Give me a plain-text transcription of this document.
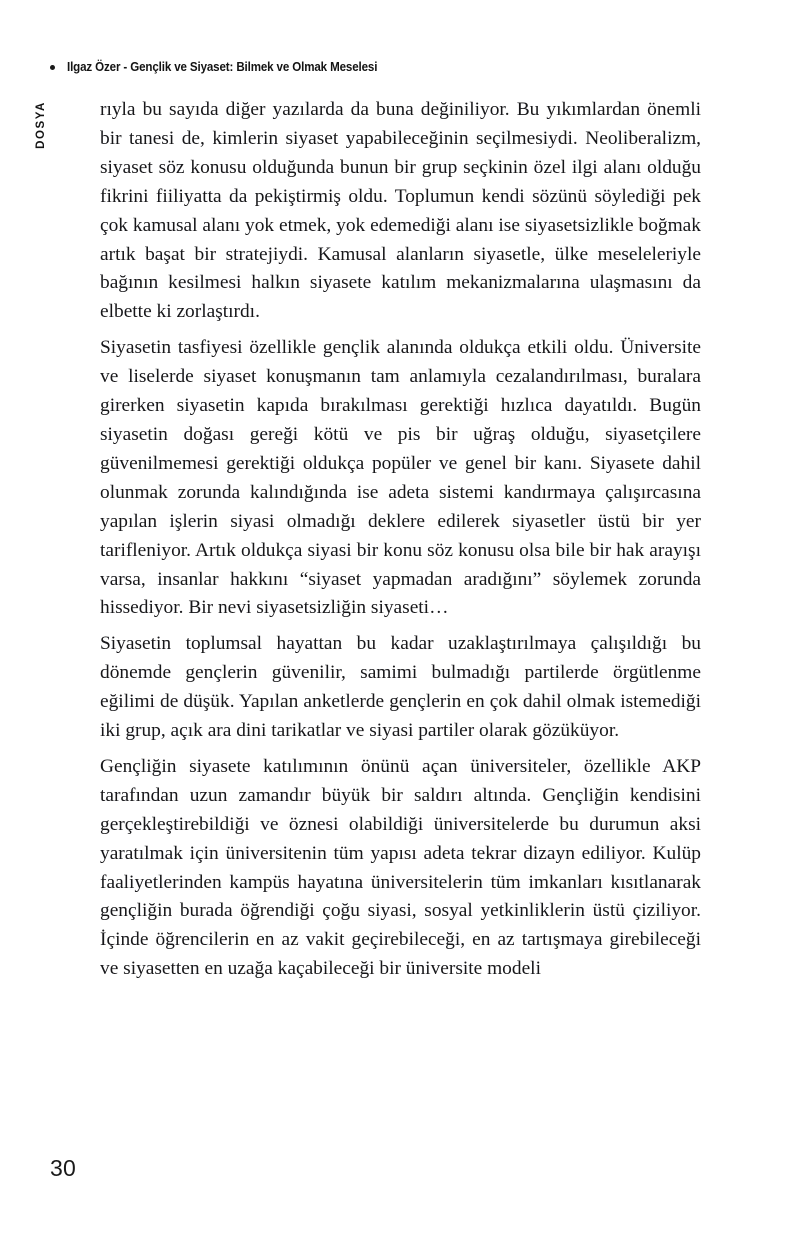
Ilgaz Özer - Gençlik ve Siyaset: Bilmek ve Olmak Meselesi
DOSYA	rıyla bu sayıda diğer yazılarda da buna değiniliyor. Bu yıkımlardan önemli bir tanesi de, kimlerin siyaset yapabileceğinin seçilmesiydi. Neoliberalizm, siyaset söz konusu olduğunda bunun bir grup seçkinin özel ilgi alanı olduğu fikrini fiiliyatta da pekiştirmiş oldu. Toplumun kendi sözünü söylediği pek çok kamusal alanı yok etmek, yok edemediği alanı ise siyasetsizlikle boğmak artık başat bir stratejiydi. Kamusal alanların siyasetle, ülke meseleleriyle bağının kesilmesi halkın siyasete katılım mekanizmalarına ulaşmasını da elbette ki zorlaştırdı.

Siyasetin tasfiyesi özellikle gençlik alanında oldukça etkili oldu. Üniversite ve liselerde siyaset konuşmanın tam anlamıyla cezalandırılması, buralara girerken siyasetin kapıda bırakılması gerektiği hızlıca dayatıldı. Bugün siyasetin doğası gereği kötü ve pis bir uğraş olduğu, siyasetçilere güvenilmemesi gerektiği oldukça popüler ve genel bir kanı. Siyasete dahil olunmak zorunda kalındığında ise adeta sistemi kandırmaya çalışırcasına yapılan işlerin siyasi olmadığı deklere edilerek siyasetler üstü bir yer tarifleniyor. Artık oldukça siyasi bir konu söz konusu olsa bile bir hak arayışı varsa, insanlar hakkını “siyaset yapmadan aradığını” söylemek zorunda hissediyor. Bir nevi siyasetsizliğin siyaseti…

Siyasetin toplumsal hayattan bu kadar uzaklaştırılmaya çalışıldığı bu dönemde gençlerin güvenilir, samimi bulmadığı partilerde örgütlenme eğilimi de düşük. Yapılan anketlerde gençlerin en çok dahil olmak istemediği iki grup, açık ara dini tarikatlar ve siyasi partiler olarak gözüküyor.

Gençliğin siyasete katılımının önünü açan üniversiteler, özellikle AKP tarafından uzun zamandır büyük bir saldırı altında. Gençliğin kendisini gerçekleştirebildiği ve öznesi olabildiği üniversitelerde bu durumun aksi yaratılmak için üniversitenin tüm yapısı adeta tekrar dizayn ediliyor. Kulüp faaliyetlerinden kampüs hayatına üniversitelerin tüm imkanları kısıtlanarak gençliğin burada öğrendiği çoğu siyasi, sosyal yetkinliklerin üstü çiziliyor. İçinde öğrencilerin en az vakit geçirebileceği, en az tartışmaya girebileceği ve siyasetten en uzağa kaçabileceği bir üniversite modeli

30
